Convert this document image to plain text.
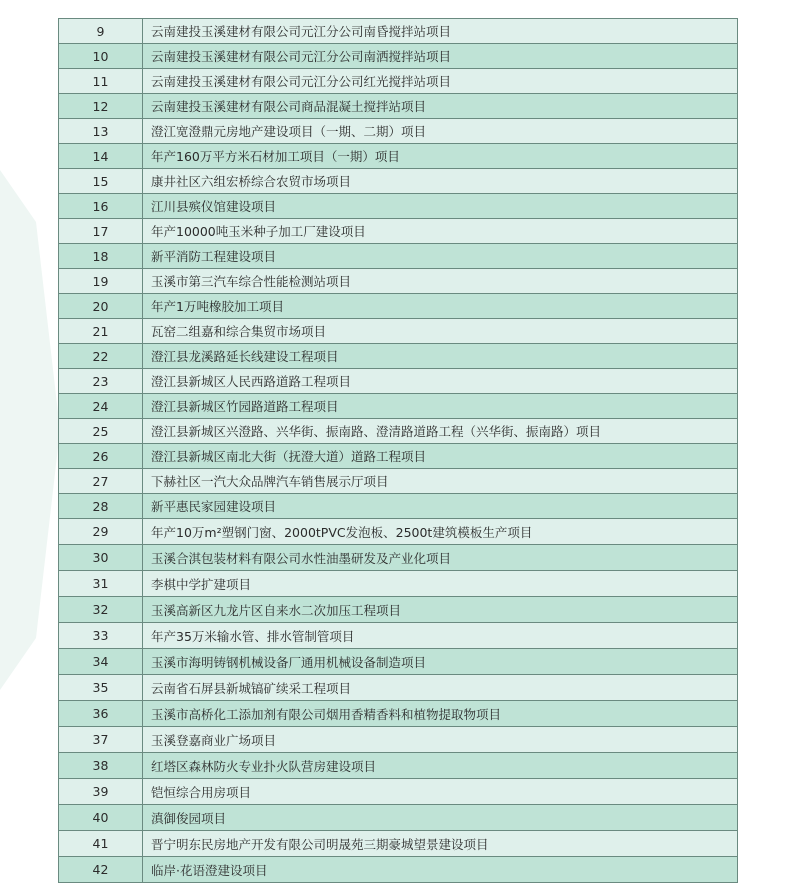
9	云南建投玉溪建材有限公司元江分公司南昏搅拌站项目
10	云南建投玉溪建材有限公司元江分公司南洒搅拌站项目
11	云南建投玉溪建材有限公司元江分公司红光搅拌站项目
12	云南建投玉溪建材有限公司商品混凝土搅拌站项目
13	澄江宽澄鼎元房地产建设项目（一期、二期）项目
14	年产160万平方米石材加工项目（一期）项目
15	康井社区六组宏桥综合农贸市场项目
16	江川县殡仪馆建设项目
17	年产10000吨玉米种子加工厂建设项目
18	新平消防工程建设项目
19	玉溪市第三汽车综合性能检测站项目
20	年产1万吨橡胶加工项目
21	瓦窑二组嘉和综合集贸市场项目
22	澄江县龙溪路延长线建设工程项目
23	澄江县新城区人民西路道路工程项目
24	澄江县新城区竹园路道路工程项目
25	澄江县新城区兴澄路、兴华街、振南路、澄清路道路工程（兴华街、振南路）项目
26	澄江县新城区南北大街（抚澄大道）道路工程项目
27	下赫社区一汽大众品牌汽车销售展示厅项目
28	新平惠民家园建设项目
29	年产10万m²塑钢门窗、2000tPVC发泡板、2500t建筑模板生产项目
30	玉溪合淇包装材料有限公司水性油墨研发及产业化项目
31	李棋中学扩建项目
32	玉溪高新区九龙片区自来水二次加压工程项目
33	年产35万米输水管、排水管制管项目
34	玉溪市海明铸钢机械设备厂通用机械设备制造项目
35	云南省石屏县新城镐矿续采工程项目
36	玉溪市高桥化工添加剂有限公司烟用香精香料和植物提取物项目
37	玉溪登嘉商业广场项目
38	红塔区森林防火专业扑火队营房建设项目
39	铠恒综合用房项目
40	滇御俊园项目
41	晋宁明东民房地产开发有限公司明晟苑三期豪城望景建设项目
42	临岸·花语澄建设项目
